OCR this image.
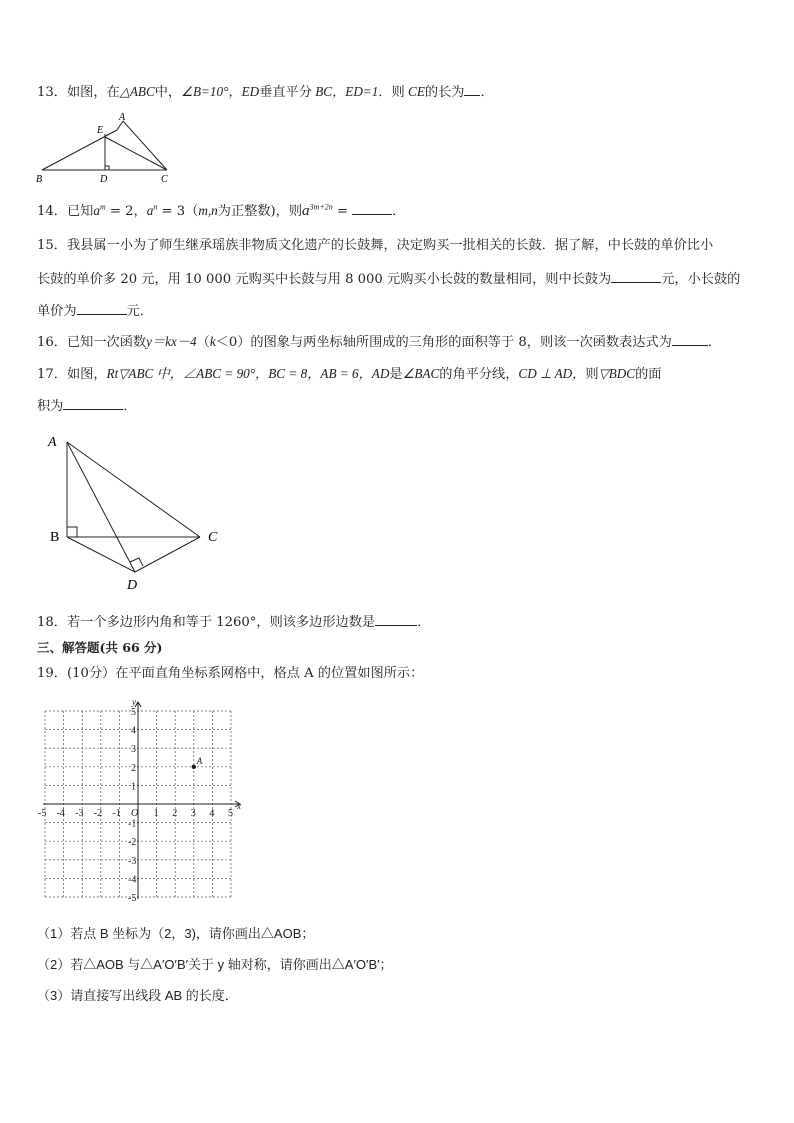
13．如图，在△ABC中，∠B=10°，ED垂直平分 BC，ED=1．则 CE的长为 ．
E
A
B	D	C
14．已知$a^m = 2$，$a^n = 3(m,n$为正整数)，则$a^{3m+2n}$ =	．
15．我县属一小为了师生继承瑶族非物质文化遗产的长鼓舞，决定购买一批相关的长鼓．据了解，中长鼓的单价比小
长鼓的单价多 20 元，用 10 000 元购买中长鼓与用 8 000 元购买小长鼓的数量相同，则中长鼓为	元，小长鼓的
单价为	元．
16．已知一次函数y＝kx－4（k＜0）的图象与两坐标轴所围成的三角形的面积等于 8，则该一次函数表达式为	．
17．如图，Rt▽ABC 中，∠ABC = 90°，BC = 8，AB = 6，AD是∠BAC的角平分线，CD ⊥ AD，则▽BDC的面
积为	．
A
B	C
D
18．若一个多边形内角和等于 1260°，则该多边形边数是	．
三、解答题(共 66 分)
19．(10分）在平面直角坐标系网格中，格点 A 的位置如图所示：
-5 -4 -3 -2 -1 O 1 2 3 4 5
5
4
3
2
1
-1
-2
-3
-4
-5
x
y
A
（1）若点 B 坐标为（2，3)，请你画出△AOB；
（2）若△AOB 与△A′O′B′关于 y 轴对称，请你画出△A′O′B′；
（3）请直接写出线段 AB 的长度．
